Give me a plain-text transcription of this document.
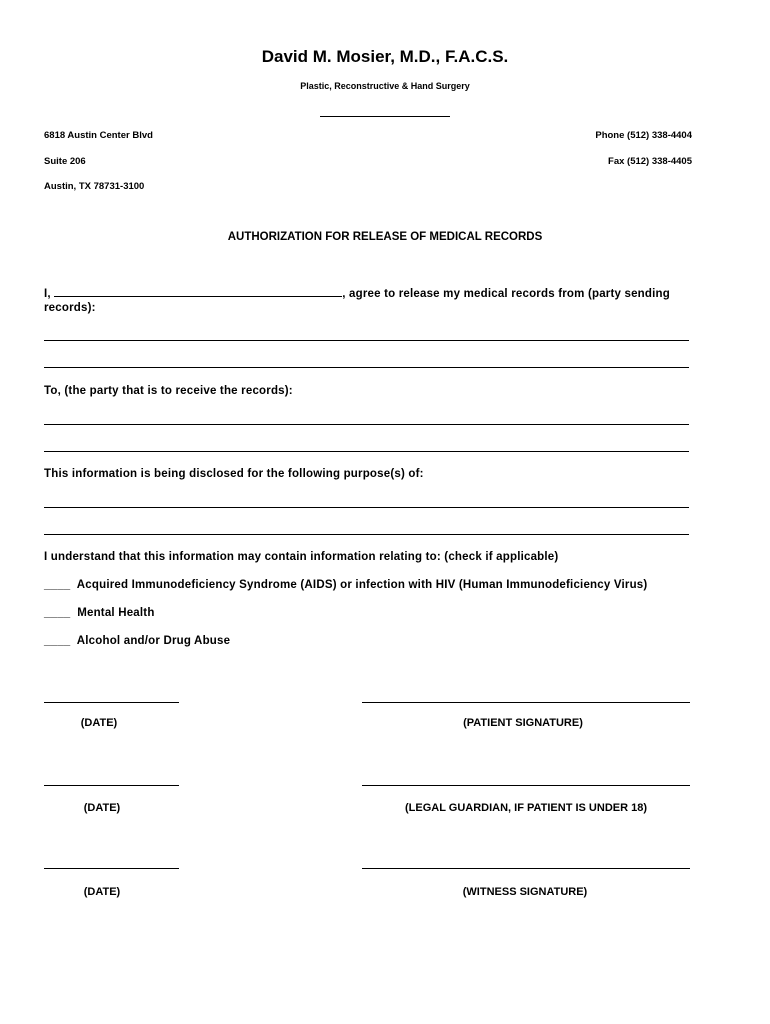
David M. Mosier, M.D., F.A.C.S.
Plastic, Reconstructive & Hand Surgery
6818 Austin Center Blvd
Suite 206
Austin, TX 78731-3100
Phone (512) 338-4404
Fax (512) 338-4405
AUTHORIZATION FOR RELEASE OF MEDICAL RECORDS
I,	, agree to release my medical records from (party sending
records):
To, (the party that is to receive the records):
This information is being disclosed for the following purpose(s) of:
I understand that this information may contain information relating to: (check if applicable)
____ Acquired Immunodeficiency Syndrome (AIDS) or infection with HIV (Human Immunodeficiency Virus)
____ Mental Health
____ Alcohol and/or Drug Abuse
(DATE)	(PATIENT SIGNATURE)
(DATE)	(LEGAL GUARDIAN, IF PATIENT IS UNDER 18)
(DATE)	(WITNESS SIGNATURE)
